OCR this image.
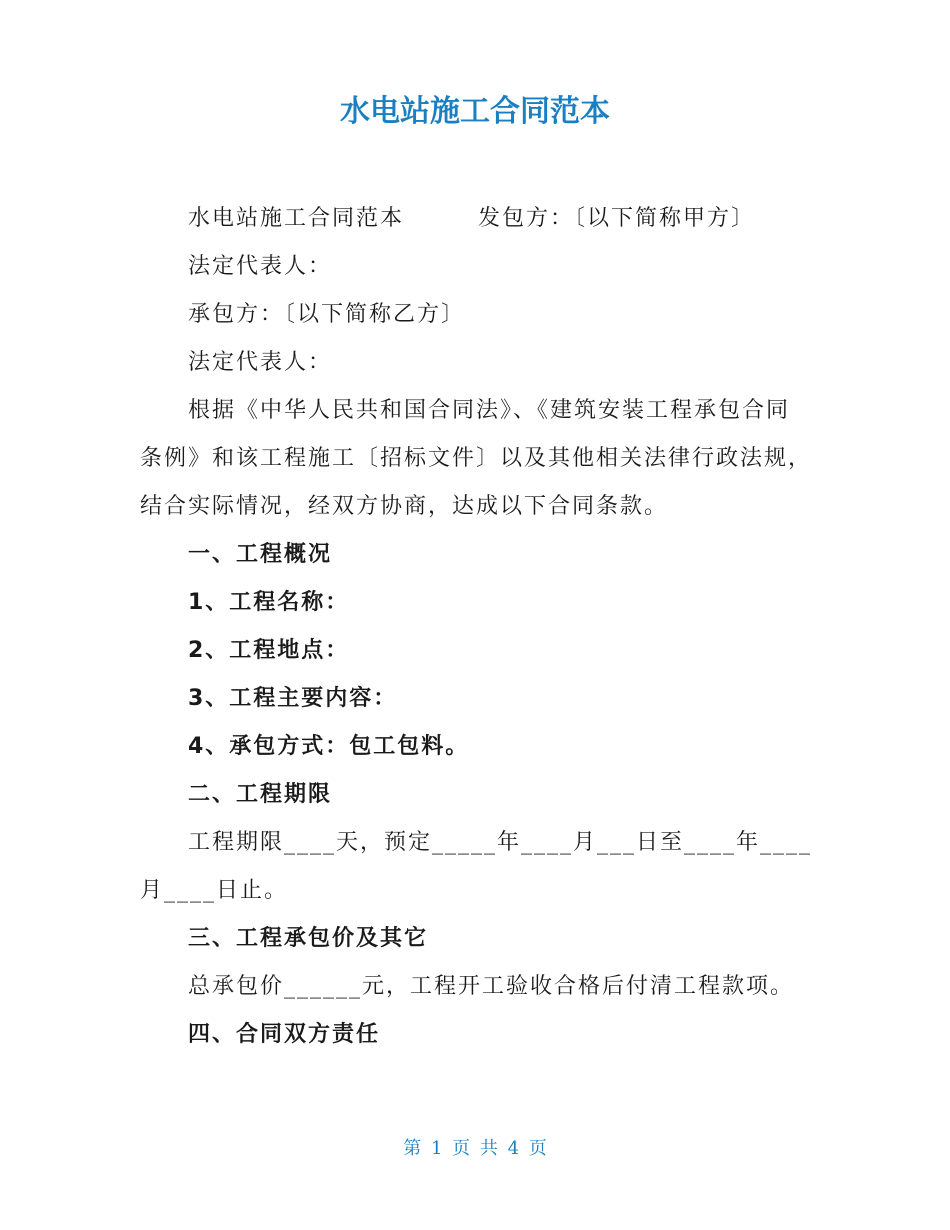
水电站施工合同范本

水电站施工合同范本	发包方：〔以下简称甲方〕

法定代表人：

承包方：〔以下简称乙方〕

法定代表人：

根据《中华人民共和国合同法》、《建筑安装工程承包合同条例》和该工程施工〔招标文件〕以及其他相关法律行政法规，结合实际情况，经双方协商，达成以下合同条款。

一、工程概况

1、工程名称：

2、工程地点：

3、工程主要内容：

4、承包方式：包工包料。

二、工程期限

工程期限____天，预定_____年____月___日至____年____月____日止。

三、工程承包价及其它

总承包价______元，工程开工验收合格后付清工程款项。

四、合同双方责任

第 1 页 共 4 页
